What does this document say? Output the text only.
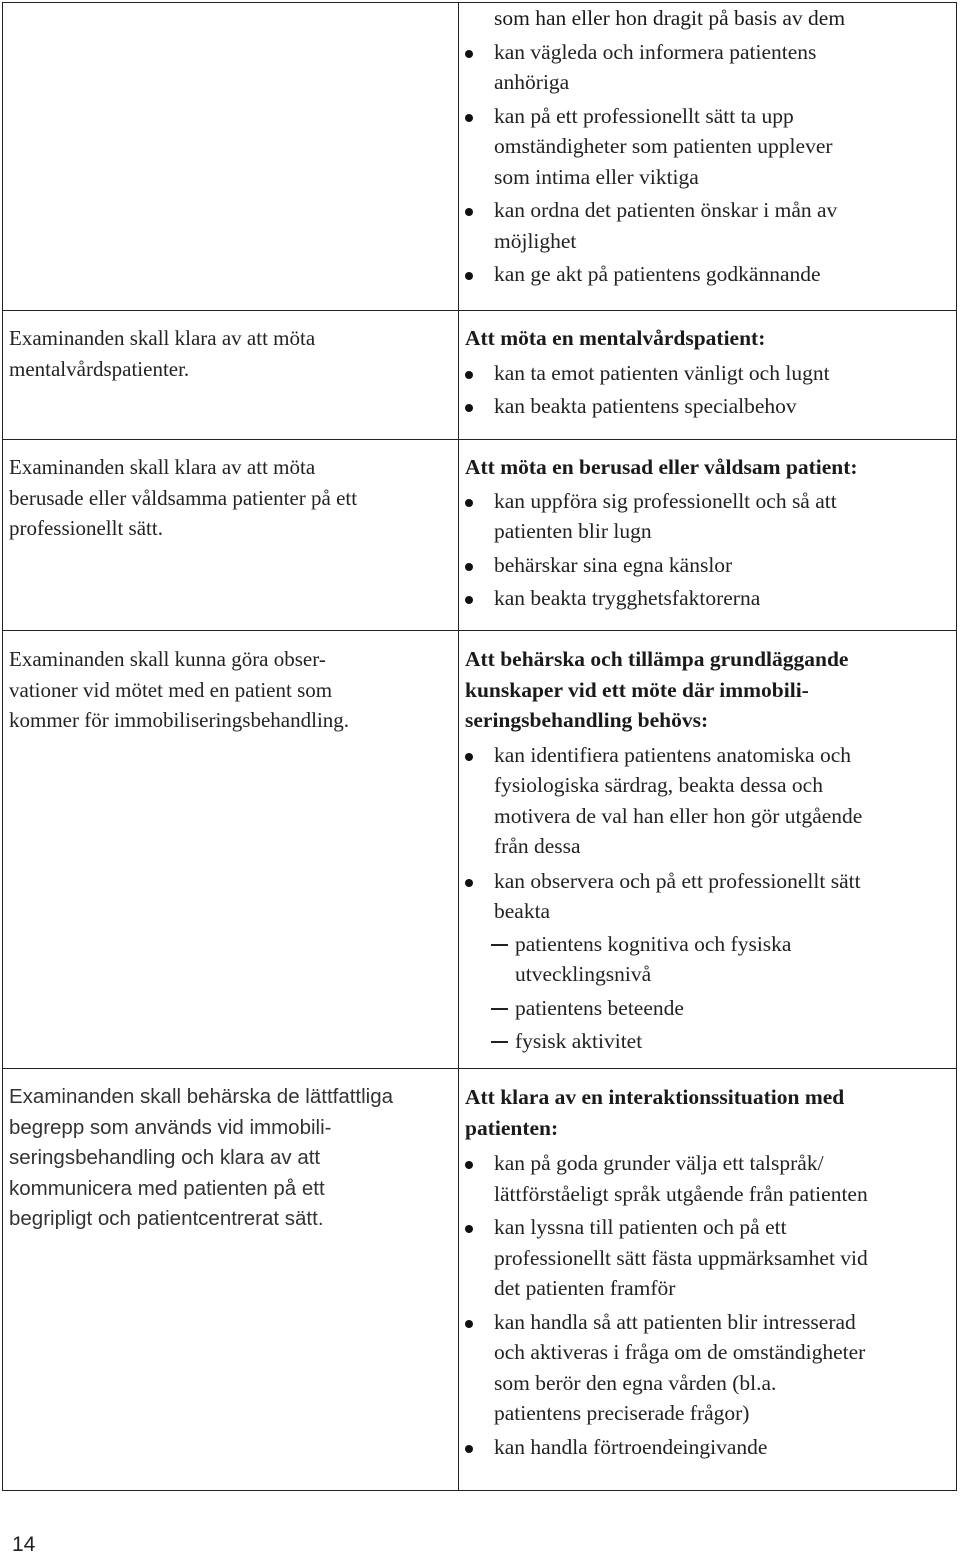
Examinanden skall klara av att möta
mentalvårdspatienter.
Examinanden skall klara av att möta
berusade eller våldsamma patienter på ett
professionellt sätt.
Examinanden skall kunna göra obser-
vationer vid mötet med en patient som
kommer för immobiliseringsbehandling.
Examinanden skall behärska de lättfattliga
begrepp som används vid immobili-
seringsbehandling och klara av att
kommunicera med patienten på ett
begripligt och patientcentrerat sätt.
som han eller hon dragit på basis av dem
kan vägleda och informera patientens
anhöriga
kan på ett professionellt sätt ta upp
omständigheter som patienten upplever
som intima eller viktiga
kan ordna det patienten önskar i mån av
möjlighet
kan ge akt på patientens godkännande
Att möta en mentalvårdspatient:
kan ta emot patienten vänligt och lugnt
kan beakta patientens specialbehov
Att möta en berusad eller våldsam patient:
kan uppföra sig professionellt och så att
patienten blir lugn
behärskar sina egna känslor
kan beakta trygghetsfaktorerna
Att behärska och tillämpa grundläggande
kunskaper vid ett möte där immobili-
seringsbehandling behövs:
kan identifiera patientens anatomiska och
fysiologiska särdrag, beakta dessa och
motivera de val han eller hon gör utgående
från dessa
kan observera och på ett professionellt sätt
beakta
patientens kognitiva och fysiska
utvecklingsnivå
patientens beteende
fysisk aktivitet
Att klara av en interaktionssituation med
patienten:
kan på goda grunder välja ett talspråk/
lättförståeligt språk utgående från patienten
kan lyssna till patienten och på ett
professionellt sätt fästa uppmärksamhet vid
det patienten framför
kan handla så att patienten blir intresserad
och aktiveras i fråga om de omständigheter
som berör den egna vården (bl.a.
patientens preciserade frågor)
kan handla förtroendeingivande
14
